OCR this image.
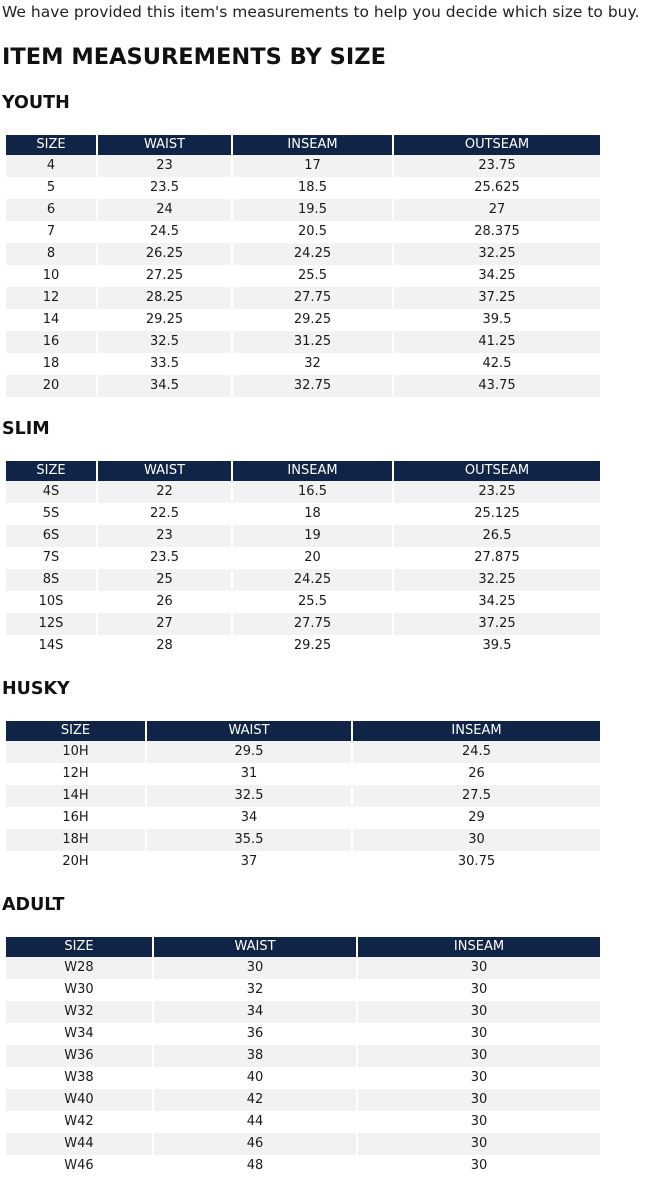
We have provided this item's measurements to help you decide which size to buy.

ITEM MEASUREMENTS BY SIZE
YOUTH
SIZE	WAIST	INSEAM	OUTSEAM
4	23	17	23.75
5	23.5	18.5	25.625
6	24	19.5	27
7	24.5	20.5	28.375
8	26.25	24.25	32.25
10	27.25	25.5	34.25
12	28.25	27.75	37.25
14	29.25	29.25	39.5
16	32.5	31.25	41.25
18	33.5	32	42.5
20	34.5	32.75	43.75
SLIM
SIZE	WAIST	INSEAM	OUTSEAM
4S	22	16.5	23.25
5S	22.5	18	25.125
6S	23	19	26.5
7S	23.5	20	27.875
8S	25	24.25	32.25
10S	26	25.5	34.25
12S	27	27.75	37.25
14S	28	29.25	39.5
HUSKY
SIZE	WAIST	INSEAM
10H	29.5	24.5
12H	31	26
14H	32.5	27.5
16H	34	29
18H	35.5	30
20H	37	30.75
ADULT
SIZE	WAIST	INSEAM
W28	30	30
W30	32	30
W32	34	30
W34	36	30
W36	38	30
W38	40	30
W40	42	30
W42	44	30
W44	46	30
W46	48	30
